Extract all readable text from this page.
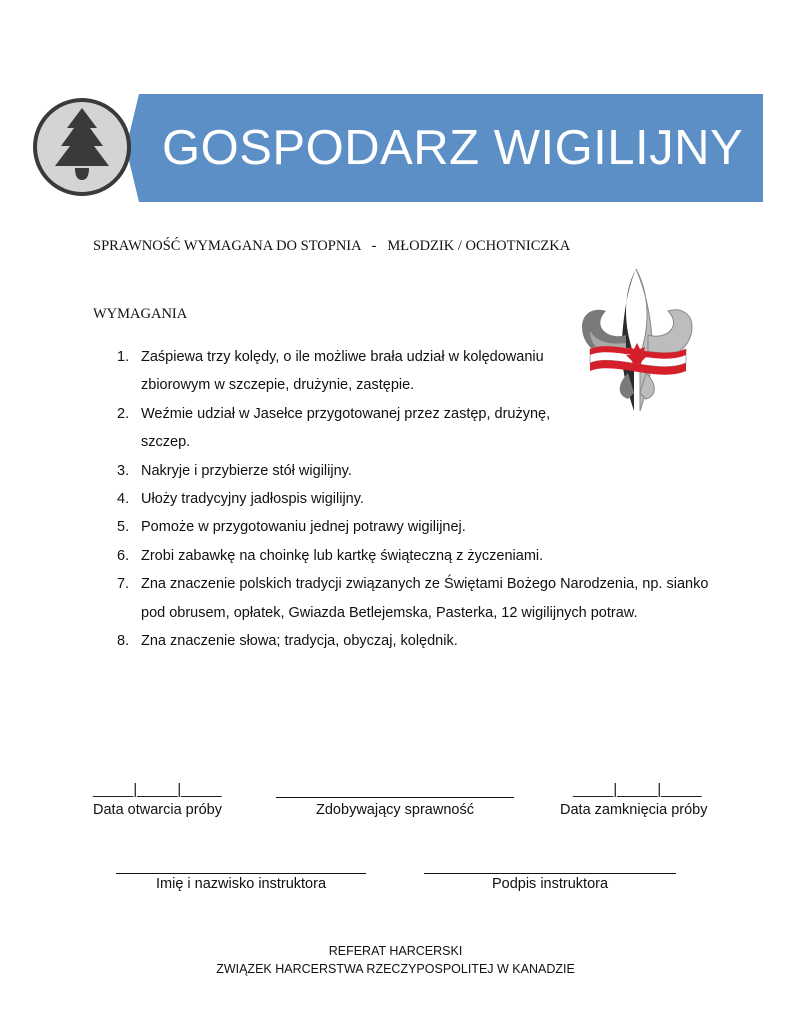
GOSPODARZ WIGILIJNY
SPRAWNOŚĆ WYMAGANA DO STOPNIA   -   MŁODZIK / OCHOTNICZKA
WYMAGANIA
1. Zaśpiewa trzy kolędy, o ile możliwe brała udział w kolędowaniu zbiorowym w szczepie, drużynie, zastępie.
2. Weźmie udział w Jasełce przygotowanej przez zastęp, drużynę, szczep.
3. Nakryje i przybierze stół wigilijny.
4. Ułoży tradycyjny jadłospis wigilijny.
5. Pomoże w przygotowaniu jednej potrawy wigilijnej.
6. Zrobi zabawkę na choinkę lub kartkę świąteczną z życzeniami.
7. Zna znaczenie polskich tradycji związanych ze Świętami Bożego Narodzenia, np. sianko pod obrusem, opłatek, Gwiazda Betlejemska, Pasterka, 12 wigilijnych potraw.
8. Zna znaczenie słowa; tradycja, obyczaj, kolędnik.
_____|_____|_____	_____|_____|_____
Data otwarcia próby	Zdobywający sprawność	Data zamknięcia próby
Imię i nazwisko instruktora	Podpis instruktora
REFERAT HARCERSKI
ZWIĄZEK HARCERSTWA RZECZYPOSPOLITEJ W KANADZIE
